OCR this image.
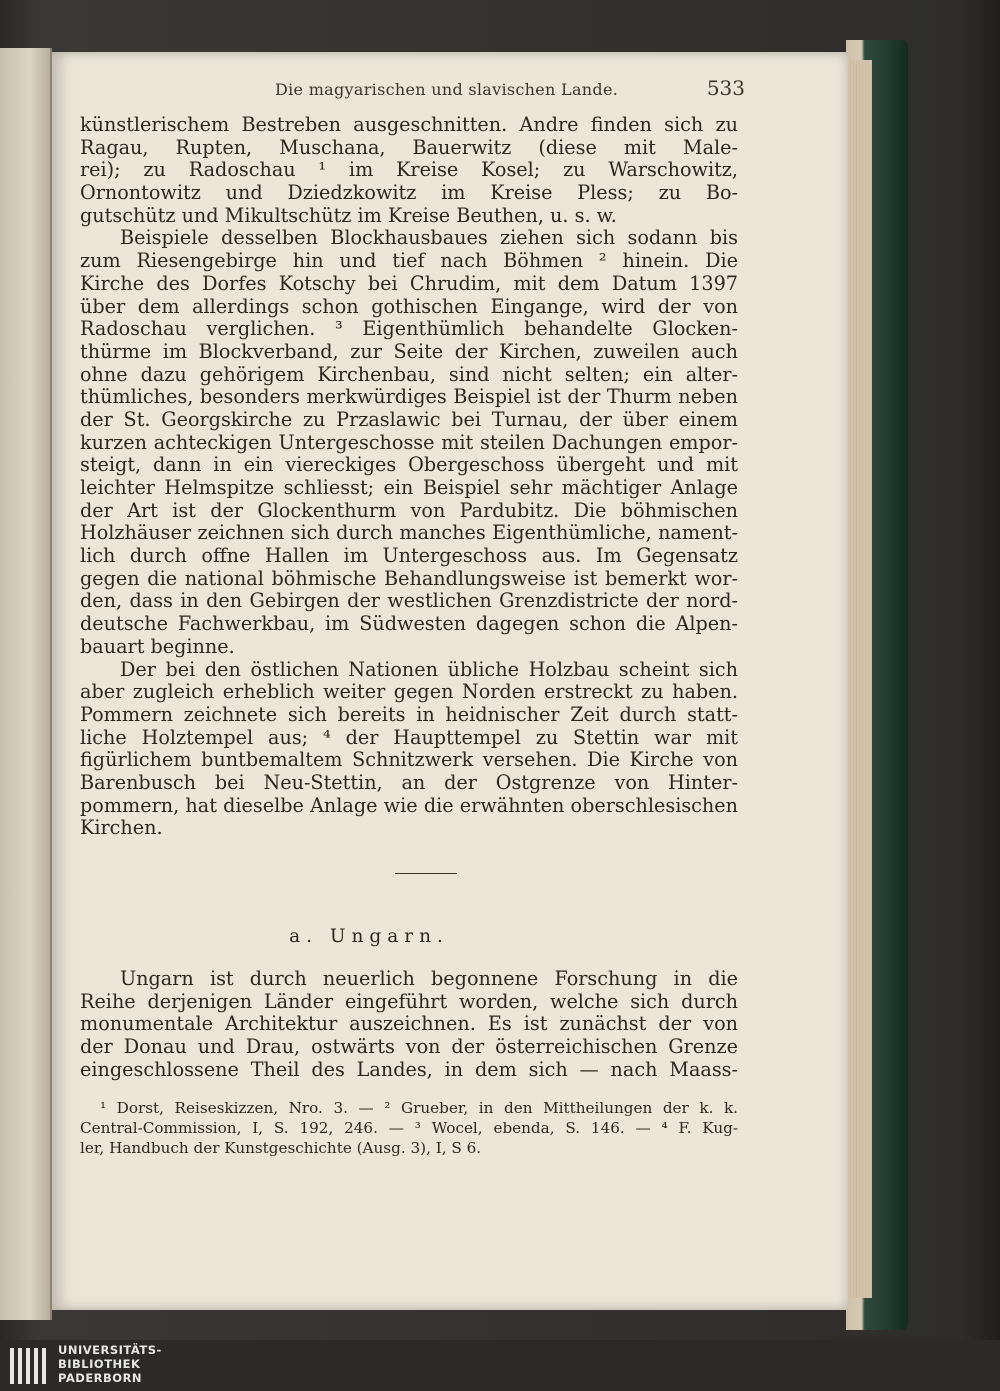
Die magyarischen und slavischen Lande.	533
künstlerischem Bestreben ausgeschnitten. Andre finden sich zu
Ragau, Rupten, Muschana, Bauerwitz (diese mit Male-
rei); zu Radoschau ¹ im Kreise Kosel; zu Warschowitz,
Ornontowitz und Dziedzkowitz im Kreise Pless; zu Bo-
gutschütz und Mikultschütz im Kreise Beuthen, u. s. w.
Beispiele desselben Blockhausbaues ziehen sich sodann bis
zum Riesengebirge hin und tief nach Böhmen ² hinein. Die
Kirche des Dorfes Kotschy bei Chrudim, mit dem Datum 1397
über dem allerdings schon gothischen Eingange, wird der von
Radoschau verglichen. ³ Eigenthümlich behandelte Glocken-
thürme im Blockverband, zur Seite der Kirchen, zuweilen auch
ohne dazu gehörigem Kirchenbau, sind nicht selten; ein alter-
thümliches, besonders merkwürdiges Beispiel ist der Thurm neben
der St. Georgskirche zu Przaslawic bei Turnau, der über einem
kurzen achteckigen Untergeschosse mit steilen Dachungen empor-
steigt, dann in ein viereckiges Obergeschoss übergeht und mit
leichter Helmspitze schliesst; ein Beispiel sehr mächtiger Anlage
der Art ist der Glockenthurm von Pardubitz. Die böhmischen
Holzhäuser zeichnen sich durch manches Eigenthümliche, nament-
lich durch offne Hallen im Untergeschoss aus. Im Gegensatz
gegen die national böhmische Behandlungsweise ist bemerkt wor-
den, dass in den Gebirgen der westlichen Grenzdistricte der nord-
deutsche Fachwerkbau, im Südwesten dagegen schon die Alpen-
bauart beginne.
Der bei den östlichen Nationen übliche Holzbau scheint sich
aber zugleich erheblich weiter gegen Norden erstreckt zu haben.
Pommern zeichnete sich bereits in heidnischer Zeit durch statt-
liche Holztempel aus; ⁴ der Haupttempel zu Stettin war mit
figürlichem buntbemaltem Schnitzwerk versehen. Die Kirche von
Barenbusch bei Neu-Stettin, an der Ostgrenze von Hinter-
pommern, hat dieselbe Anlage wie die erwähnten oberschlesischen
Kirchen.
a. Ungarn.
Ungarn ist durch neuerlich begonnene Forschung in die
Reihe derjenigen Länder eingeführt worden, welche sich durch
monumentale Architektur auszeichnen. Es ist zunächst der von
der Donau und Drau, ostwärts von der österreichischen Grenze
eingeschlossene Theil des Landes, in dem sich — nach Maass-
¹ Dorst, Reiseskizzen, Nro. 3. — ² Grueber, in den Mittheilungen der k. k.
Central-Commission, I, S. 192, 246. — ³ Wocel, ebenda, S. 146. — ⁴ F. Kug-
ler, Handbuch der Kunstgeschichte (Ausg. 3), I, S 6.
UNIVERSITÄTS-
BIBLIOTHEK
PADERBORN
